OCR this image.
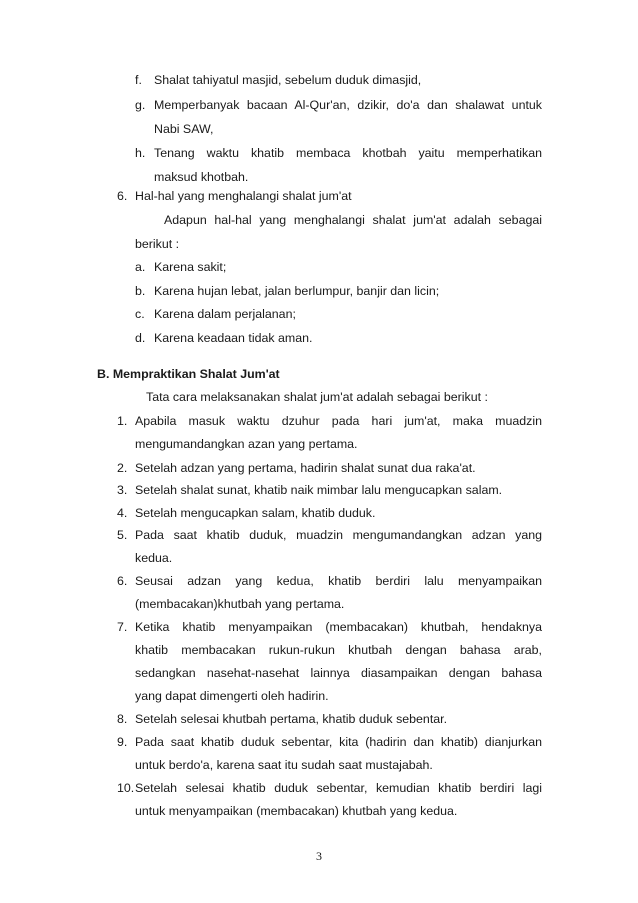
f. Shalat tahiyatul masjid, sebelum duduk dimasjid,
g. Memperbanyak bacaan Al-Qur'an, dzikir, do'a dan shalawat untuk
Nabi SAW,
h. Tenang waktu khatib membaca khotbah yaitu memperhatikan
maksud khotbah.
6. Hal-hal yang menghalangi shalat jum'at
Adapun hal-hal yang menghalangi shalat jum'at adalah sebagai
berikut :
a. Karena sakit;
b. Karena hujan lebat, jalan berlumpur, banjir dan licin;
c. Karena dalam perjalanan;
d. Karena keadaan tidak aman.
B. Mempraktikan Shalat Jum'at
Tata cara melaksanakan shalat jum'at adalah sebagai berikut :
1. Apabila masuk waktu dzuhur pada hari jum'at, maka muadzin
mengumandangkan azan yang pertama.
2. Setelah adzan yang pertama, hadirin shalat sunat dua raka'at.
3. Setelah shalat sunat, khatib naik mimbar lalu mengucapkan salam.
4. Setelah mengucapkan salam, khatib duduk.
5. Pada saat khatib duduk, muadzin mengumandangkan adzan yang
kedua.
6. Seusai adzan yang kedua, khatib berdiri lalu menyampaikan
(membacakan)khutbah yang pertama.
7. Ketika khatib menyampaikan (membacakan) khutbah, hendaknya
khatib membacakan rukun-rukun khutbah dengan bahasa arab,
sedangkan nasehat-nasehat lainnya diasampaikan dengan bahasa
yang dapat dimengerti oleh hadirin.
8. Setelah selesai khutbah pertama, khatib duduk sebentar.
9. Pada saat khatib duduk sebentar, kita (hadirin dan khatib) dianjurkan
untuk berdo'a, karena saat itu sudah saat mustajabah.
10. Setelah selesai khatib duduk sebentar, kemudian khatib berdiri lagi
untuk menyampaikan (membacakan) khutbah yang kedua.
3
